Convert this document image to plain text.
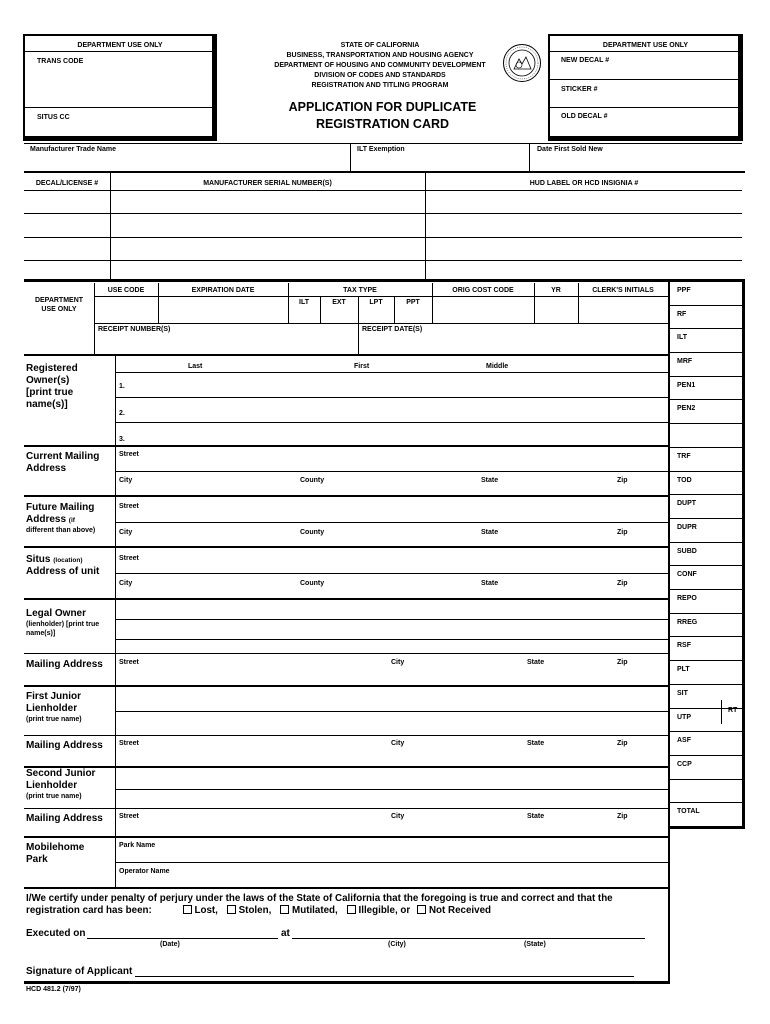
DEPARTMENT USE ONLY
TRANS CODE
SITUS CC
STATE OF CALIFORNIA
BUSINESS, TRANSPORTATION AND HOUSING AGENCY
DEPARTMENT OF HOUSING AND COMMUNITY DEVELOPMENT
DIVISION OF CODES AND STANDARDS
REGISTRATION AND TITLING PROGRAM
APPLICATION FOR DUPLICATE
REGISTRATION CARD
DEPARTMENT USE ONLY
NEW DECAL #
STICKER #
OLD DECAL #
Manufacturer Trade Name	ILT Exemption	Date First Sold New
DECAL/LICENSE #	MANUFACTURER SERIAL NUMBER(S)	HUD LABEL OR HCD INSIGNIA #
DEPARTMENT
USE ONLY
USE CODE	EXPIRATION DATE	TAX TYPE	ORIG COST CODE	YR	CLERK'S INITIALS
ILT	EXT	LPT	PPT
RECEIPT NUMBER(S)	RECEIPT DATE(S)
PPF
RF
ILT
MRF
PEN1
PEN2
TRF
TOD
DUPT
DUPR
SUBD
CONF
REPO
RREG
RSF
PLT
SIT
UTP
ASF
CCP
TOTAL
RT
Registered
Owner(s)
[print true
name(s)]
Last	First	Middle
1.
2.
3.
Current Mailing
Address
Street
City	County	State	Zip
Future Mailing
Address (if
different than above)
Street
City	County	State	Zip
Situs (location)
Address of unit
Street
City	County	State	Zip
Legal Owner
(lienholder) [print true
name(s)]
Mailing Address Street	City	State	Zip
First Junior
Lienholder
(print true name)
Mailing Address Street	City	State	Zip
Second Junior
Lienholder
(print true name)
Mailing Address Street	City	State	Zip
Mobilehome
Park
Park Name
Operator Name
I/We certify under penalty of perjury under the laws of the State of California that the foregoing is true and correct and that the
registration card has been:	Lost, Stolen, Mutilated, Illegible, or Not Received
Executed on	at
(Date)	(City)	(State)
Signature of Applicant
HCD 481.2 (7/97)
